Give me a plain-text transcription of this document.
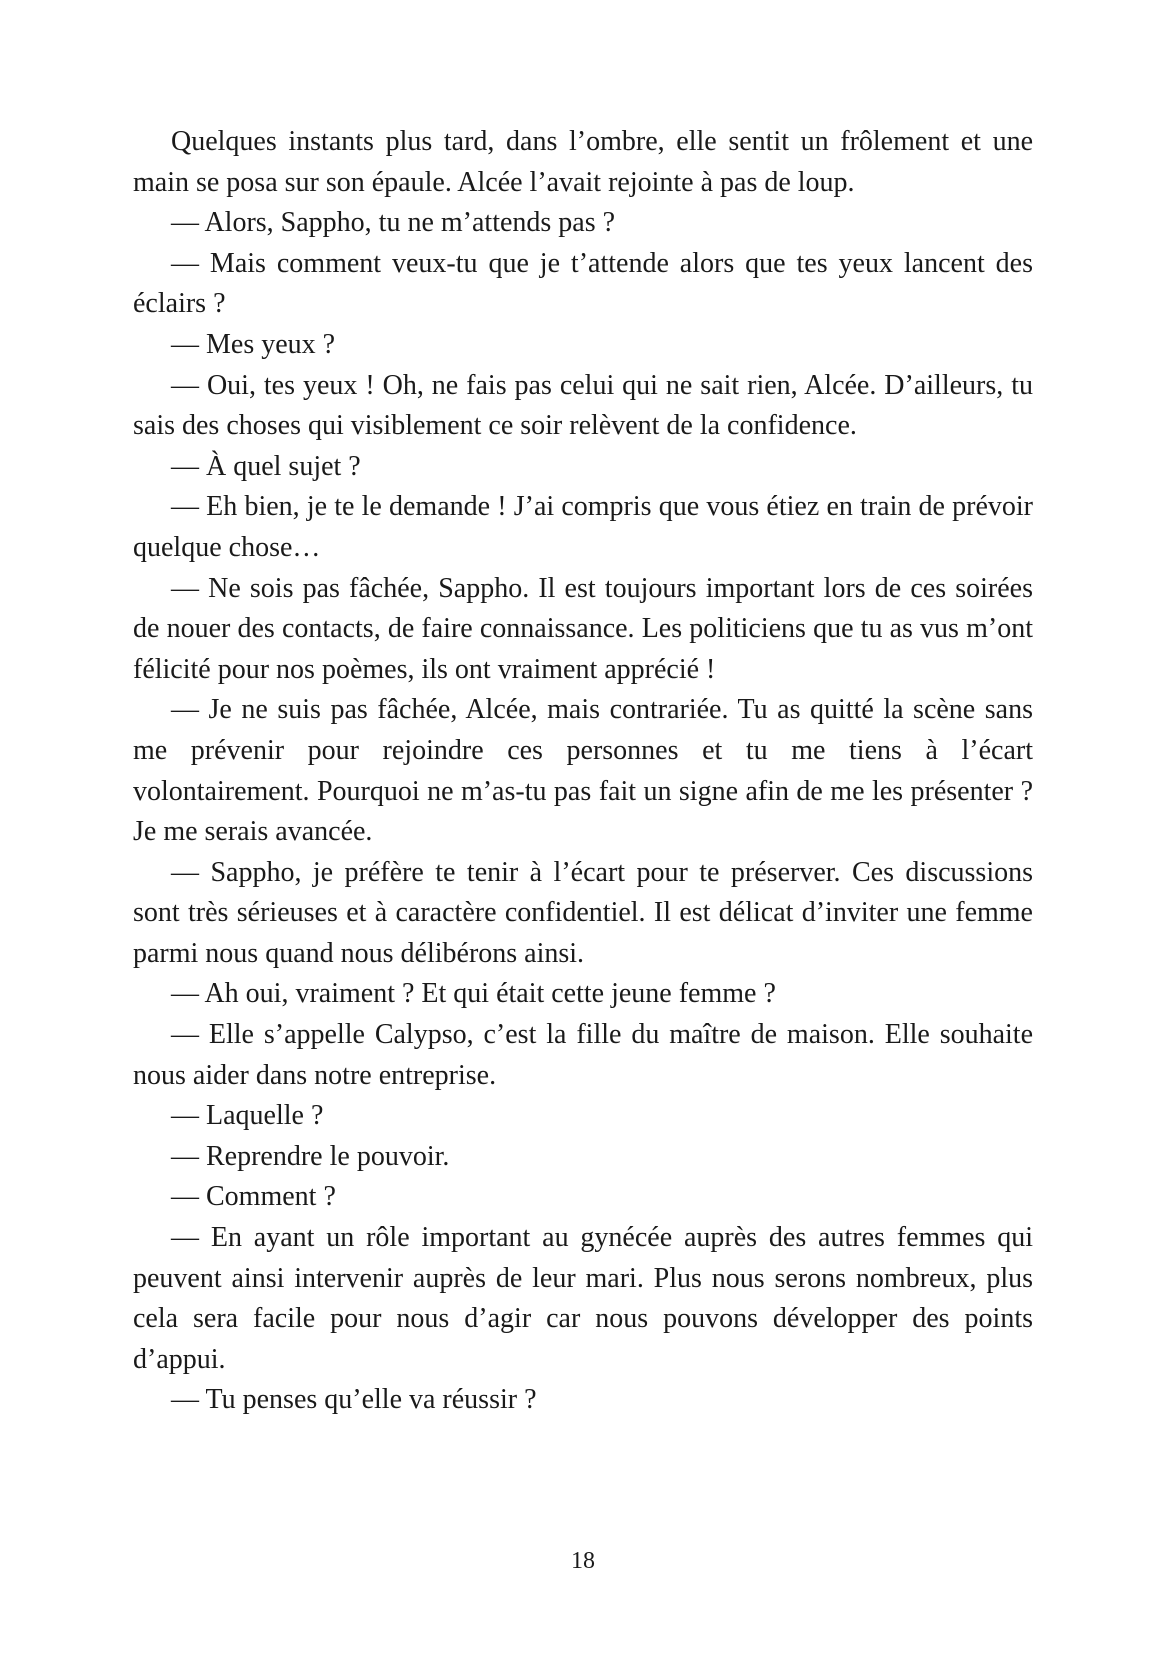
Quelques instants plus tard, dans l’ombre, elle sentit un frôlement et une main se posa sur son épaule. Alcée l’avait rejointe à pas de loup.

— Alors, Sappho, tu ne m’attends pas ?

— Mais comment veux-tu que je t’attende alors que tes yeux lancent des éclairs ?

— Mes yeux ?

— Oui, tes yeux ! Oh, ne fais pas celui qui ne sait rien, Alcée. D’ailleurs, tu sais des choses qui visiblement ce soir relèvent de la confidence.

— À quel sujet ?

— Eh bien, je te le demande ! J’ai compris que vous étiez en train de prévoir quelque chose…

— Ne sois pas fâchée, Sappho. Il est toujours important lors de ces soirées de nouer des contacts, de faire connaissance. Les politiciens que tu as vus m’ont félicité pour nos poèmes, ils ont vraiment apprécié !

— Je ne suis pas fâchée, Alcée, mais contrariée. Tu as quitté la scène sans me prévenir pour rejoindre ces personnes et tu me tiens à l’écart volontairement. Pourquoi ne m’as-tu pas fait un signe afin de me les présenter ? Je me serais avancée.

— Sappho, je préfère te tenir à l’écart pour te préserver. Ces discussions sont très sérieuses et à caractère confidentiel. Il est délicat d’inviter une femme parmi nous quand nous délibérons ainsi.

— Ah oui, vraiment ? Et qui était cette jeune femme ?

— Elle s’appelle Calypso, c’est la fille du maître de maison. Elle souhaite nous aider dans notre entreprise.

— Laquelle ?

— Reprendre le pouvoir.

— Comment ?

— En ayant un rôle important au gynécée auprès des autres femmes qui peuvent ainsi intervenir auprès de leur mari. Plus nous serons nombreux, plus cela sera facile pour nous d’agir car nous pouvons développer des points d’appui.

— Tu penses qu’elle va réussir ?

18
